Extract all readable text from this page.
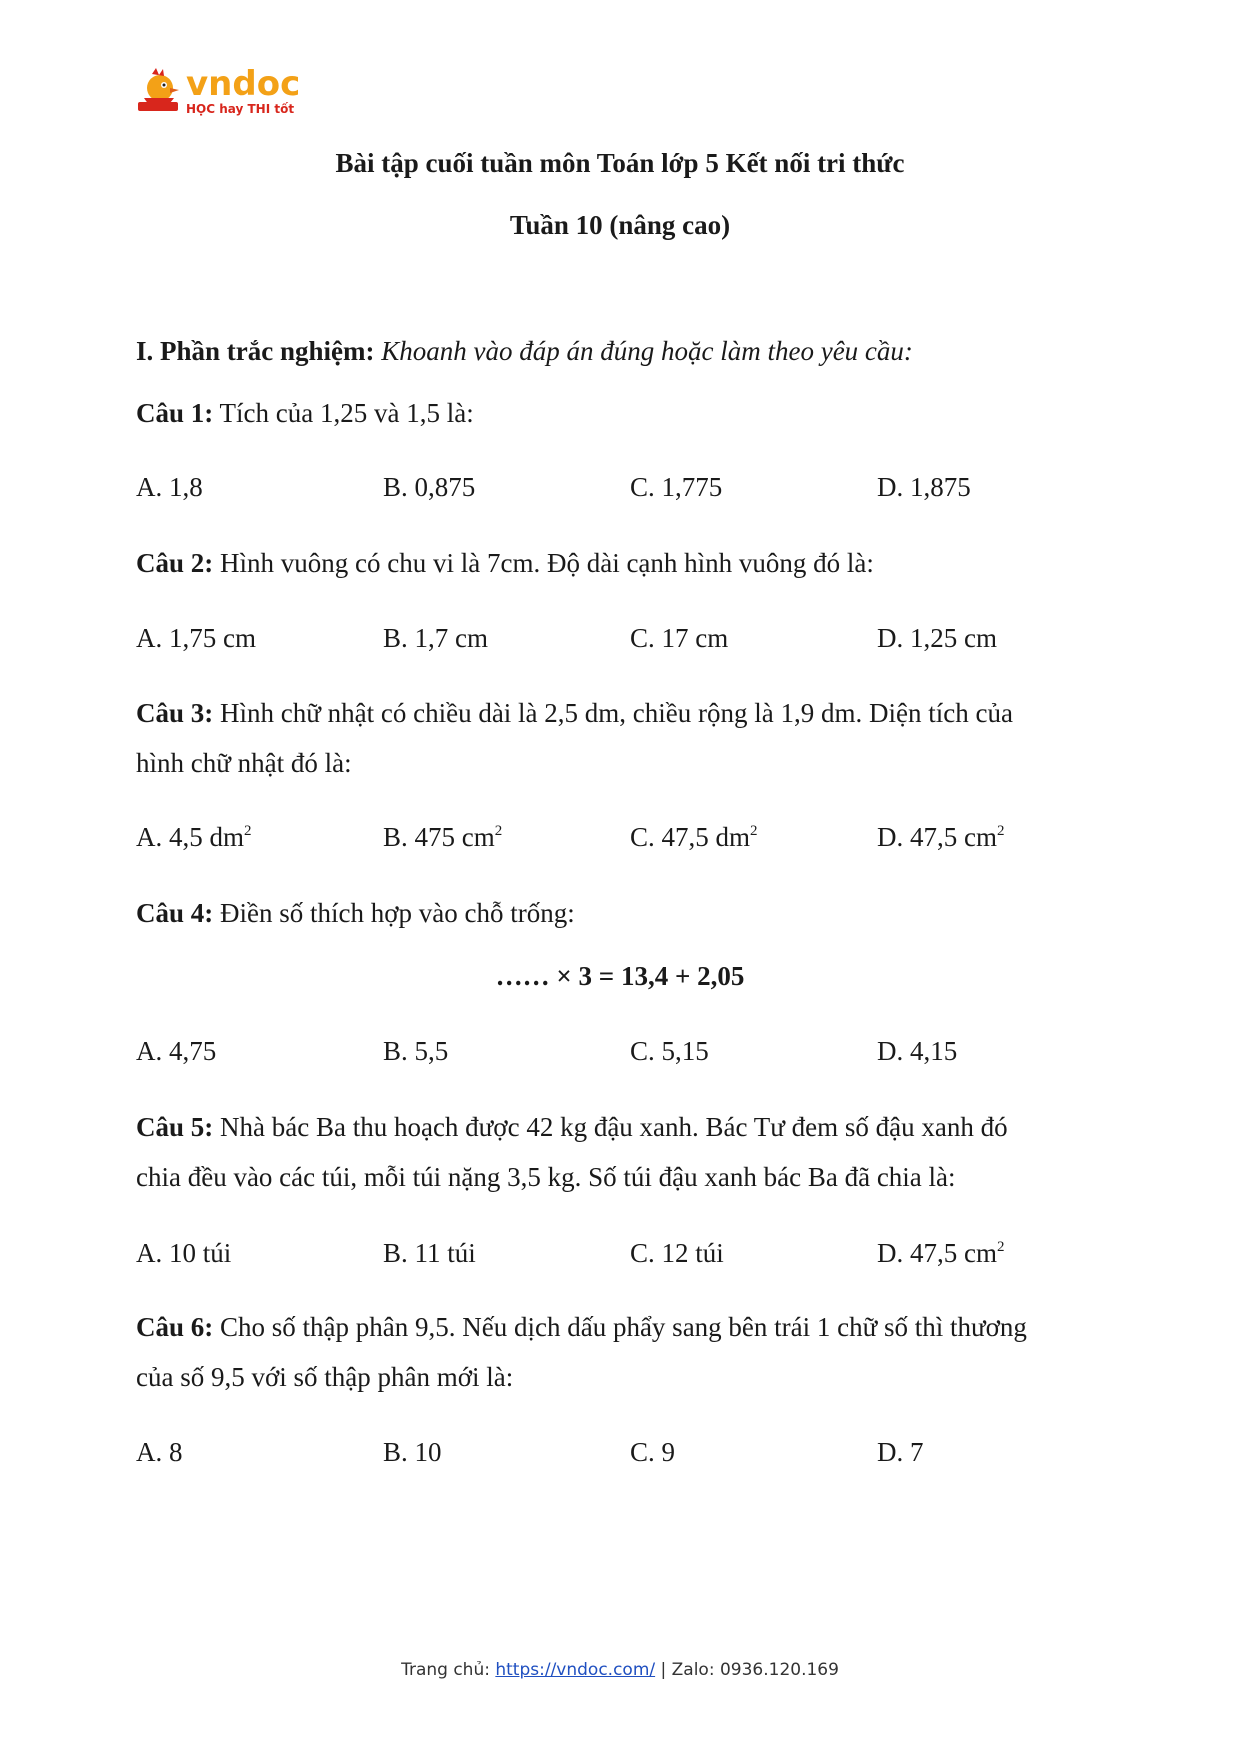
vndoc
HỌC hay THI tốt
Bài tập cuối tuần môn Toán lớp 5 Kết nối tri thức
Tuần 10 (nâng cao)
I. Phần trắc nghiệm: Khoanh vào đáp án đúng hoặc làm theo yêu cầu:
Câu 1: Tích của 1,25 và 1,5 là:
A. 1,8	B. 0,875	C. 1,775	D. 1,875
Câu 2: Hình vuông có chu vi là 7cm. Độ dài cạnh hình vuông đó là:
A. 1,75 cm	B. 1,7 cm	C. 17 cm	D. 1,25 cm
Câu 3: Hình chữ nhật có chiều dài là 2,5 dm, chiều rộng là 1,9 dm. Diện tích của
hình chữ nhật đó là:
A. 4,5 $dm^2$	B. 475 $cm^2$	C. 47,5 $dm^2$	D. 47,5 $cm^2$
Câu 4: Điền số thích hợp vào chỗ trống:
…… × 3 = 13,4 + 2,05
A. 4,75	B. 5,5	C. 5,15	D. 4,15
Câu 5: Nhà bác Ba thu hoạch được 42 kg đậu xanh. Bác Tư đem số đậu xanh đó
chia đều vào các túi, mỗi túi nặng 3,5 kg. Số túi đậu xanh bác Ba đã chia là:
A. 10 túi	B. 11 túi	C. 12 túi	D. 47,5 $cm^2$
Câu 6: Cho số thập phân 9,5. Nếu dịch dấu phẩy sang bên trái 1 chữ số thì thương
của số 9,5 với số thập phân mới là:
A. 8	B. 10	C. 9	D. 7
Trang chủ: https://vndoc.com/ | Zalo: 0936.120.169
